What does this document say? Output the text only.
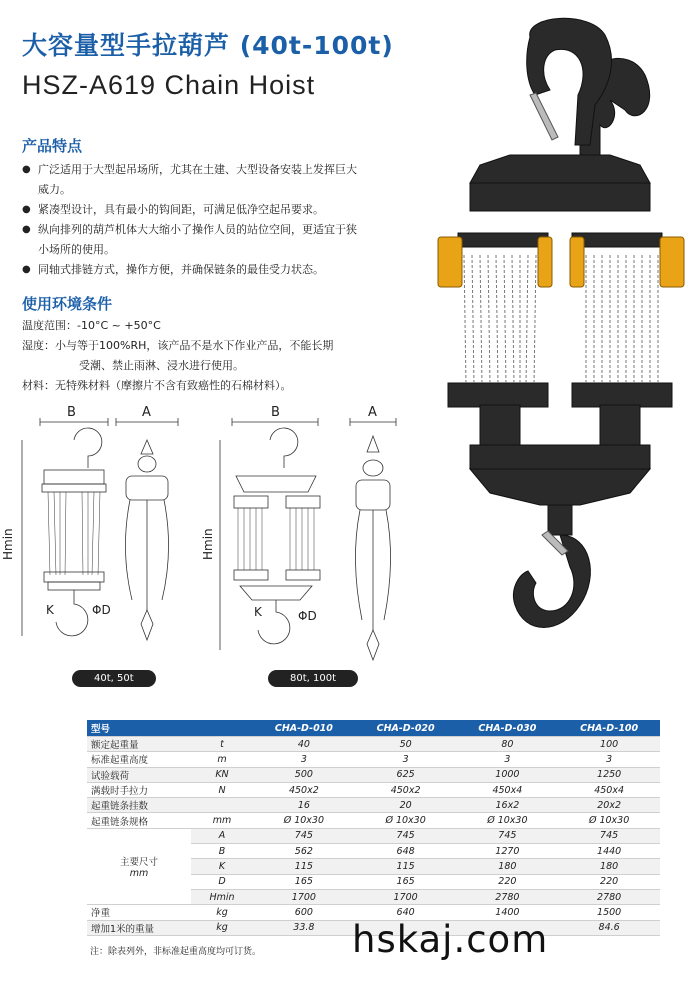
大容量型手拉葫芦 (40t-100t)
HSZ-A619 Chain Hoist
产品特点
● 广泛适用于大型起吊场所，尤其在土建、大型设备安装上发挥巨大威力。
● 紧凑型设计，具有最小的钩间距，可满足低净空起吊要求。
● 纵向排列的葫芦机体大大缩小了操作人员的站位空间，更适宜于狭小场所的使用。
● 同轴式排链方式，操作方便，并确保链条的最佳受力状态。
使用环境条件
温度范围：-10°C ~ +50°C
湿度：小与等于100%RH，该产品不是水下作业产品，不能长期
受潮、禁止雨淋、浸水进行使用。
材料：无特殊材料（摩擦片不含有致癌性的石棉材料）。
B	A	B	A
Hmin	Hmin
K	ΦD	K	ΦD
40t, 50t	80t, 100t
型号		CHA-D-010	CHA-D-020	CHA-D-030	CHA-D-100
额定起重量	t	40	50	80	100
标准起重高度	m	3	3	3	3
试验载荷	KN	500	625	1000	1250
满载时手拉力	N	450x2	450x2	450x4	450x4
起重链条挂数		16	20	16x2	20x2
起重链条规格	mm	Ø 10x30	Ø 10x30	Ø 10x30	Ø 10x30

主要尺寸
mm	A	745	745	745	745
	B	562	648	1270	1440
	K	115	115	180	180
	D	165	165	220	220
	Hmin	1700	1700	2780	2780
净重	kg	600	640	1400	1500
增加1米的重量	kg	33.8			84.6
注：除表列外，非标准起重高度均可订货。 hskaj.com
